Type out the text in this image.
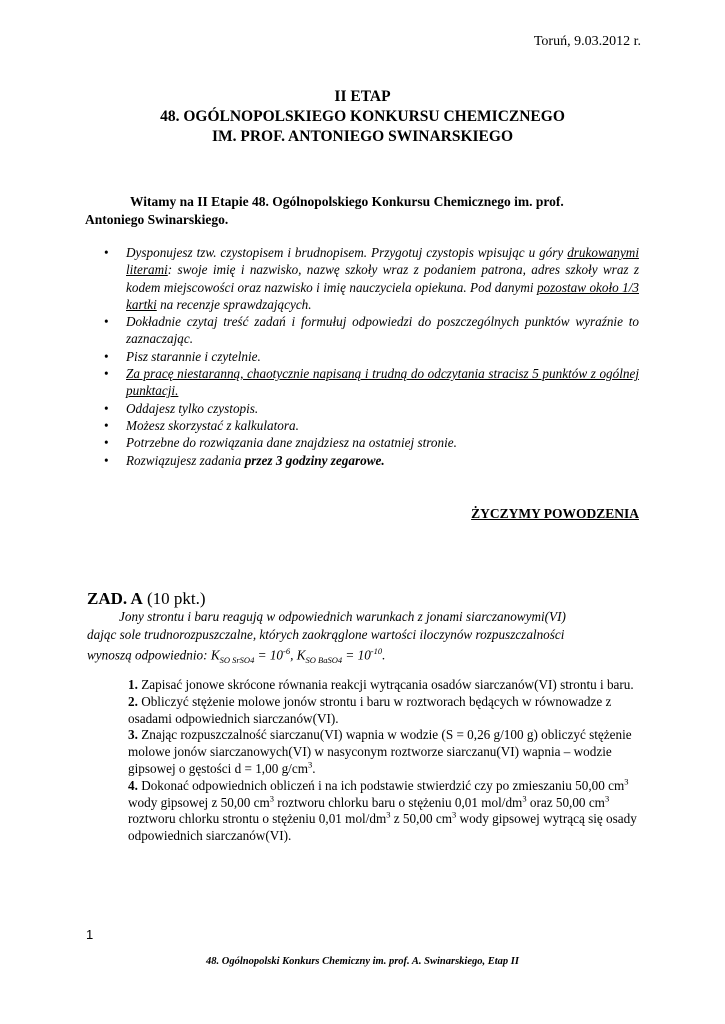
Toruń, 9.03.2012 r.
II ETAP
48. OGÓLNOPOLSKIEGO KONKURSU CHEMICZNEGO
IM. PROF. ANTONIEGO SWINARSKIEGO
Witamy na II Etapie 48. Ogólnopolskiego Konkursu Chemicznego im. prof.
Antoniego Swinarskiego.
• Dysponujesz tzw. czystopisem i brudnopisem. Przygotuj czystopis wpisując u góry drukowanymi literami: swoje imię i nazwisko, nazwę szkoły wraz z podaniem patrona, adres szkoły wraz z kodem miejscowości oraz nazwisko i imię nauczyciela opiekuna. Pod danymi pozostaw około 1/3 kartki na recenzje sprawdzających.
• Dokładnie czytaj treść zadań i formułuj odpowiedzi do poszczególnych punktów wyraźnie to zaznaczając.
• Pisz starannie i czytelnie.
• Za pracę niestaranną, chaotycznie napisaną i trudną do odczytania stracisz 5 punktów z ogólnej punktacji.
• Oddajesz tylko czystopis.
• Możesz skorzystać z kalkulatora.
• Potrzebne do rozwiązania dane znajdziesz na ostatniej stronie.
• Rozwiązujesz zadania przez 3 godziny zegarowe.
ŻYCZYMY POWODZENIA
ZAD. A (10 pkt.)

Jony strontu i baru reagują w odpowiednich warunkach z jonami siarczanowymi(VI)

dając sole trudnorozpuszczalne, których zaokrąglone wartości iloczynów rozpuszczalności

wynoszą odpowiednio: $K_{SO SrSO4} = 10^{-6}$, $K_{SO BaSO4} = 10^{-10}$.

1. Zapisać jonowe skrócone równania reakcji wytrącania osadów siarczanów(VI) strontu i baru.

2. Obliczyć stężenie molowe jonów strontu i baru w roztworach będących w równowadze z osadami odpowiednich siarczanów(VI).

3. Znając rozpuszczalność siarczanu(VI) wapnia w wodzie (S = 0,26 g/100 g) obliczyć stężenie molowe jonów siarczanowych(VI) w nasyconym roztworze siarczanu(VI) wapnia – wodzie gipsowej o gęstości d = 1,00 $g/cm^3$.

4. Dokonać odpowiednich obliczeń i na ich podstawie stwierdzić czy po zmieszaniu 50,00 $cm^3$ wody gipsowej z 50,00 $cm^3$ roztworu chlorku baru o stężeniu 0,01 mol/$dm^3$ oraz 50,00 $cm^3$ roztworu chlorku strontu o stężeniu 0,01 mol/$dm^3$ z 50,00 $cm^3$ wody gipsowej wytrącą się osady odpowiednich siarczanów(VI).

1
48. Ogólnopolski Konkurs Chemiczny im. prof. A. Swinarskiego, Etap II
